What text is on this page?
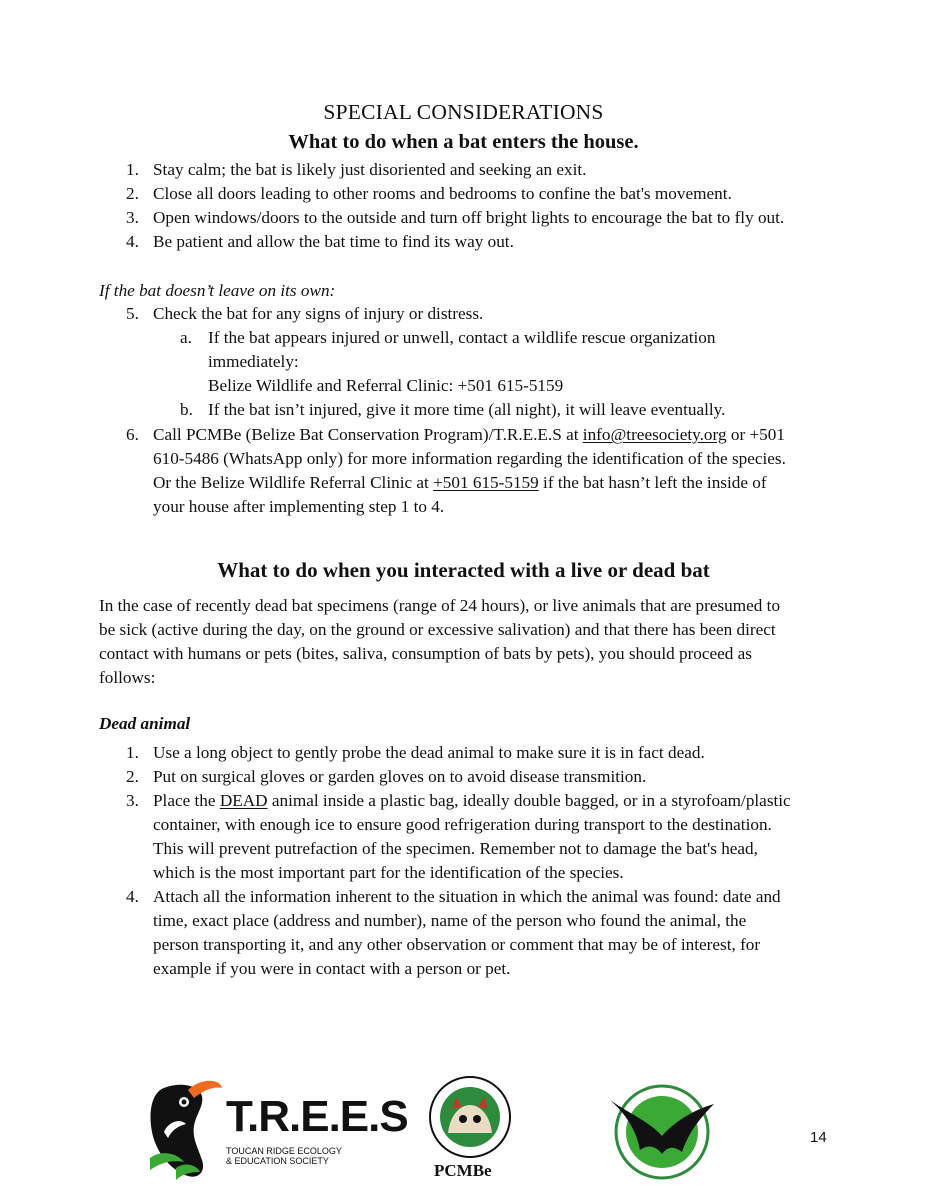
SPECIAL CONSIDERATIONS
What to do when a bat enters the house.
1. Stay calm; the bat is likely just disoriented and seeking an exit.
2. Close all doors leading to other rooms and bedrooms to confine the bat's movement.
3. Open windows/doors to the outside and turn off bright lights to encourage the bat to fly out.
4. Be patient and allow the bat time to find its way out.
If the bat doesn’t leave on its own:
5. Check the bat for any signs of injury or distress.
a. If the bat appears injured or unwell, contact a wildlife rescue organization
immediately:
Belize Wildlife and Referral Clinic: +501 615-5159
b. If the bat isn’t injured, give it more time (all night), it will leave eventually.
6. Call PCMBe (Belize Bat Conservation Program)/T.R.E.E.S at info@treesociety.org or +501
610-5486 (WhatsApp only) for more information regarding the identification of the species.
Or the Belize Wildlife Referral Clinic at +501 615-5159 if the bat hasn’t left the inside of
your house after implementing step 1 to 4.
What to do when you interacted with a live or dead bat
In the case of recently dead bat specimens (range of 24 hours), or live animals that are presumed to
be sick (active during the day, on the ground or excessive salivation) and that there has been direct
contact with humans or pets (bites, saliva, consumption of bats by pets), you should proceed as
follows:
Dead animal
1. Use a long object to gently probe the dead animal to make sure it is in fact dead.
2. Put on surgical gloves or garden gloves on to avoid disease transmition.
3. Place the DEAD animal inside a plastic bag, ideally double bagged, or in a styrofoam/plastic
container, with enough ice to ensure good refrigeration during transport to the destination.
This will prevent putrefaction of the specimen. Remember not to damage the bat's head,
which is the most important part for the identification of the species.
4. Attach all the information inherent to the situation in which the animal was found: date and
time, exact place (address and number), name of the person who found the animal, the
person transporting it, and any other observation or comment that may be of interest, for
example if you were in contact with a person or pet.
T.R.E.E.S
TOUCAN RIDGE ECOLOGY
& EDUCATION SOCIETY	PCMBe
14
